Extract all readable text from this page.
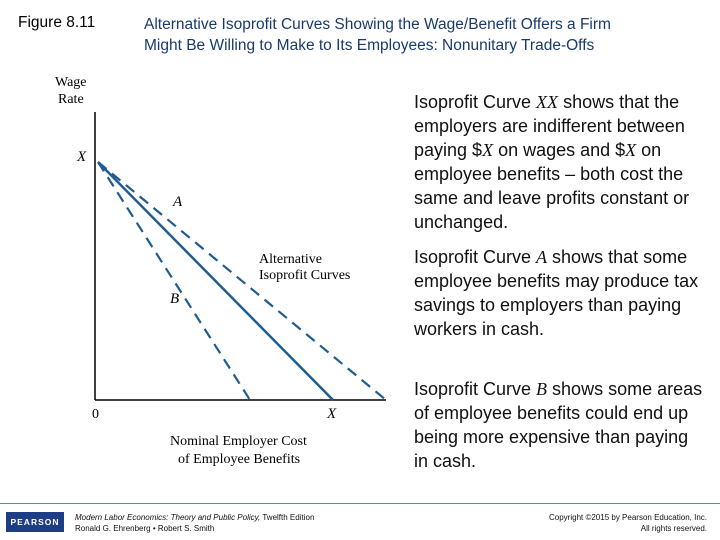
Figure 8.11	Alternative Isoprofit Curves Showing the Wage/Benefit Offers a Firm
Might Be Willing to Make to Its Employees: Nonunitary Trade-Offs
Wage
Rate
X
A
B
Alternative
Isoprofit Curves
0	X
Nominal Employer Cost
of Employee Benefits
Isoprofit Curve XX shows that the employers are indifferent between paying $X on wages and $X on employee benefits – both cost the same and leave profits constant or unchanged.
Isoprofit Curve A shows that some employee benefits may produce tax savings to employers than paying workers in cash.
Isoprofit Curve B shows some areas of employee benefits could end up being more expensive than paying in cash.
PEARSON	Modern Labor Economics: Theory and Public Policy, Twelfth Edition
Ronald G. Ehrenberg • Robert S. Smith
Copyright ©2015 by Pearson Education, Inc.
All rights reserved.
